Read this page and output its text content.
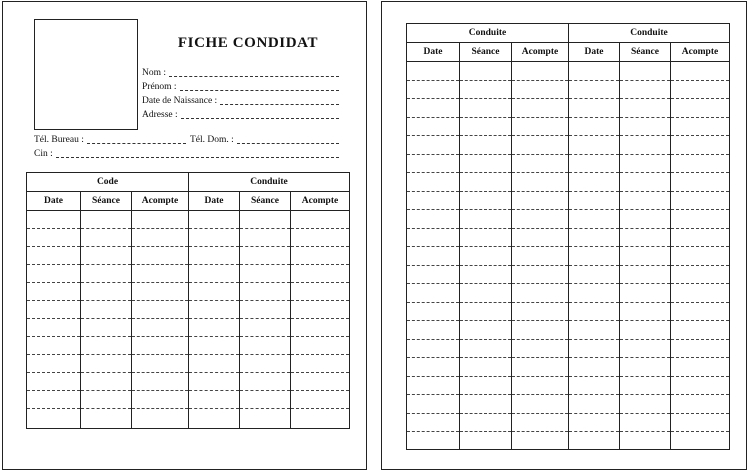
FICHE CONDIDAT
Nom :
Prénom :
Date de Naissance :
Adresse :
Tél. Bureau :	Tél. Dom. :
Cin :
Code			Conduite		
Date	Séance	Acompte	Date	Séance	Acompte

Conduite			Conduite		
Date	Séance	Acompte	Date	Séance	Acompte
